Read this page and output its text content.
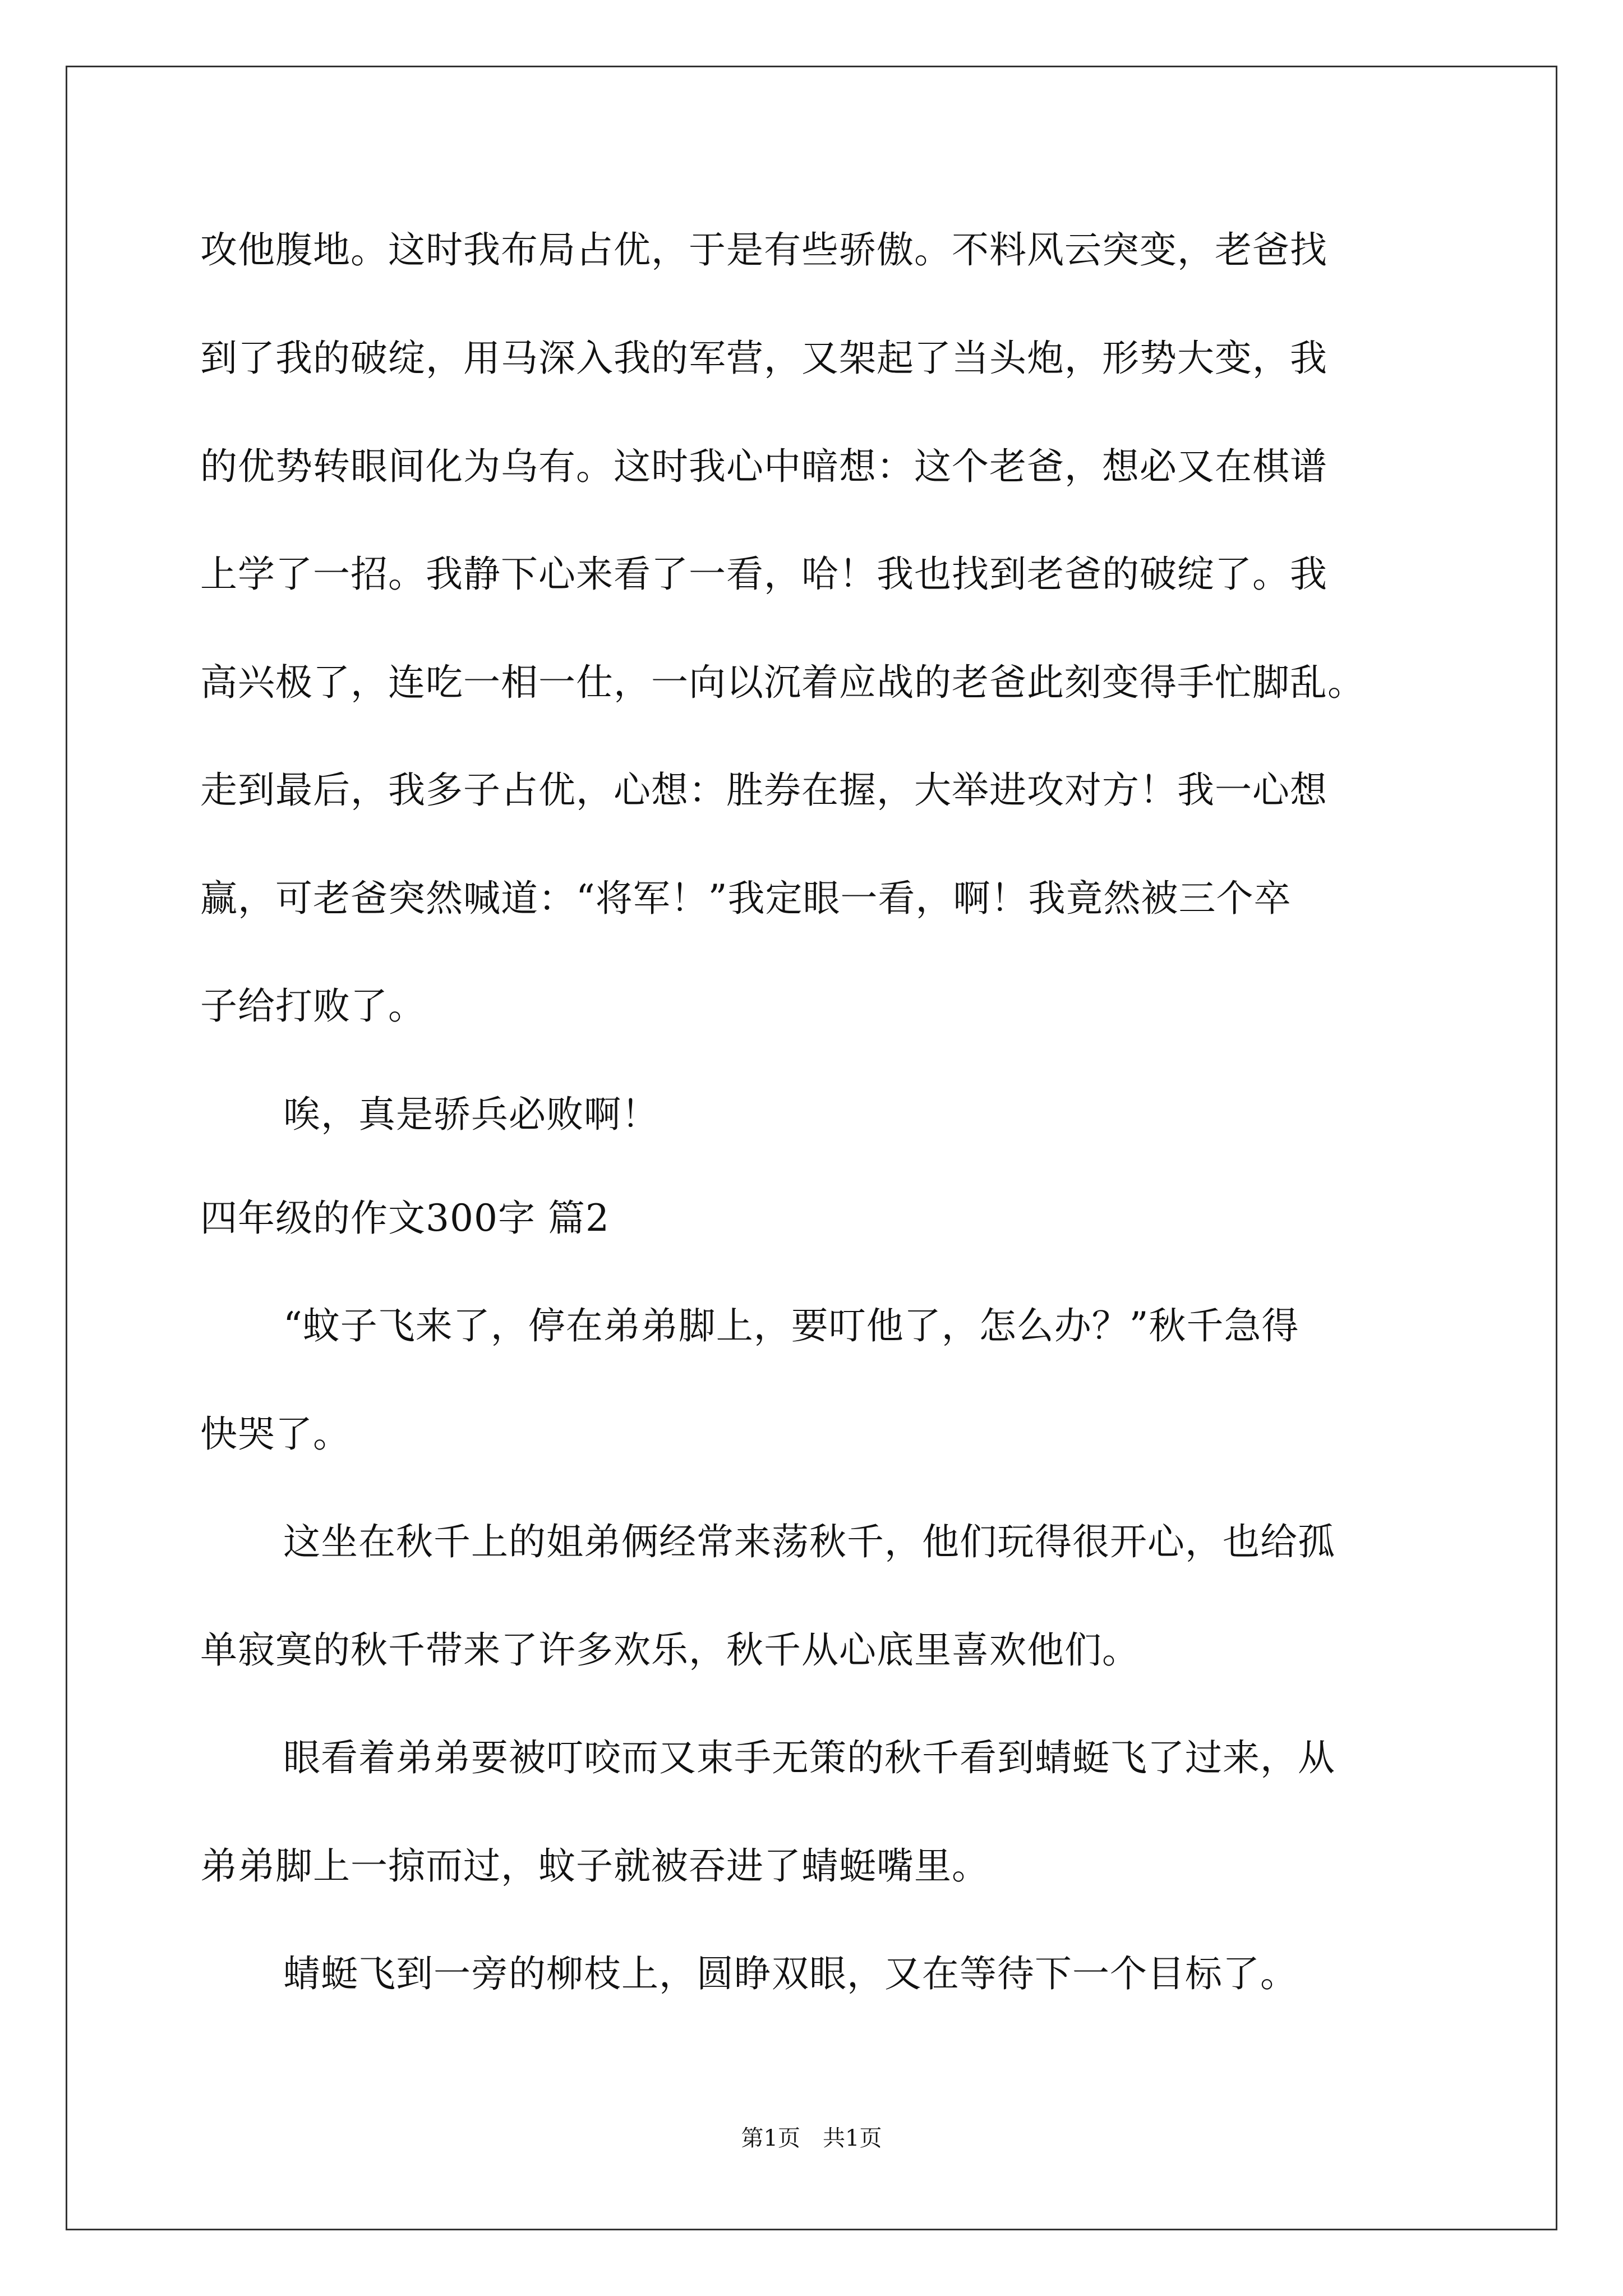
攻他腹地。这时我布局占优，于是有些骄傲。不料风云突变，老爸找
到了我的破绽，用马深入我的军营，又架起了当头炮，形势大变，我
的优势转眼间化为乌有。这时我心中暗想：这个老爸，想必又在棋谱
上学了一招。我静下心来看了一看，哈！我也找到老爸的破绽了。我
高兴极了，连吃一相一仕，一向以沉着应战的老爸此刻变得手忙脚乱。
走到最后，我多子占优，心想：胜券在握，大举进攻对方！我一心想
赢，可老爸突然喊道：“将军！”我定眼一看，啊！我竟然被三个卒
子给打败了。
唉，真是骄兵必败啊！
四年级的作文300字 篇2
“蚊子飞来了，停在弟弟脚上，要叮他了，怎么办？”秋千急得
快哭了。
这坐在秋千上的姐弟俩经常来荡秋千，他们玩得很开心，也给孤
单寂寞的秋千带来了许多欢乐，秋千从心底里喜欢他们。
眼看着弟弟要被叮咬而又束手无策的秋千看到蜻蜓飞了过来，从
弟弟脚上一掠而过，蚊子就被吞进了蜻蜓嘴里。
蜻蜓飞到一旁的柳枝上，圆睁双眼，又在等待下一个目标了。
第1页　共1页
